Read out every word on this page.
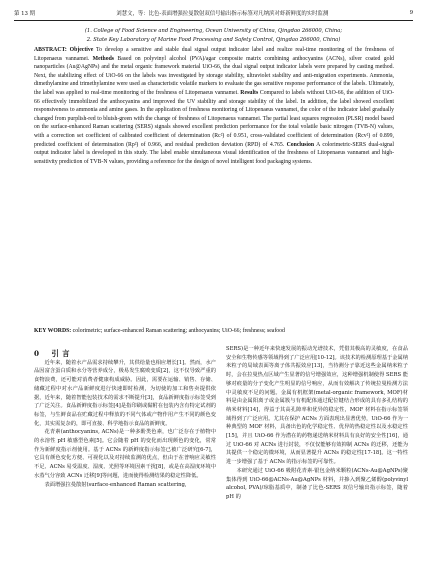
第 13 期	刘慧文，等：比色-表面增强拉曼散射双信号输出指示标签对凡纳滨对虾新鲜度的实时监测	9
(1. College of Food Science and Engineering, Ocean University of China, Qingdao 266000, China;
2. State Key Laboratory of Marine Food Processing and Safety Control, Qingdao 266000, China)

ABSTRACT: Objective To develop a sensitive and stable dual signal output indicator label and realize real-time monitoring of the freshness of Litopenaeus vannamei. Methods Based on polyvinyl alcohol (PVA)/agar composite matrix combining anthocyanins (ACNs), silver coated gold nanoparticles (Au@AgNPs) and the metal organic framework material UiO-66, the dual signal output indicator labels were prepared by casting method. Next, the stabilizing effect of UiO-66 on the labels was investigated by storage stability, ultraviolet stability and anti-migration experiments. Ammonia, dimethylamine and trimethylamine were used as characteristic volatile markers to evaluate the gas sensitive response performance of the labels. Ultimately, the label was applied to real-time monitoring of the freshness of Litopenaeus vannamei. Results Compared to labels without UiO-66, the addition of UiO-66 effectively immobilized the anthocyanins and improved the UV stability and storage stability of the label. In addition, the label showed excellent responsiveness to ammonia and amine gases. In the application of freshness monitoring of Litopenaeus vannamei, the color of the indicator label gradually changed from purplish-red to bluish-green with the change of freshness of Litopenaeus vannamei. The partial least squares regression (PLSR) model based on the surface-enhanced Raman scattering (SERS) signals showed excellent prediction performance for the total volatile basic nitrogen (TVB-N) values, with a correction set coefficient of calibrated coefficient of determination (Rc²) of 0.951, cross-validated coefficient of determination (Rcv²) of 0.899, predicted coefficient of determination (Rp²) of 0.966, and residual prediction deviation (RPD) of 4.765. Conclusion A colorimetric-SERS dual-signal output indicator label is developed in this study. The label enable simultaneous visual identification of the freshness of Litopenaeus vannamei and high-sensitivity prediction of TVB-N values, providing a reference for the design of novel intelligent food packaging systems.

KEY WORDS: colorimetric; surface-enhanced Raman scattering; anthocyanins; UiO-66; freshness; seafood

0 引 言

近年来，随着水产品需求持续攀升，其供给量也相应增长[1]。然而，水产品因富含蛋白质和水分等营养成分，极易发生腐败变质[2]，这不仅导致严重的食物浪费，还可能对消费者健康构成威胁。因此，需要在运输、销售、存储、储藏过程中对水产品新鲜度进行快速即时检测，为切使的加工和售卖提供依据，近年来，随着智能包装技术的需求不断提升[3]，食品新鲜度指示标签受到了广泛关注。食品新鲜度指示标签[4]是指印刷或黏附在包装内含有特定试剂的标签，与生鲜食品在贮藏过程中释放的不同气体或产物作用产生不同的颜色变化，其实需复杂的，即可直接、科学地指示食品的新鲜度。

花青素(anthocyanins, ACNs)是一种多酚类色素，也广泛存在于植物中的水溶性 pH 敏感型色素[5]。它会随着 pH 的变化而出现颜色的变化，常常作为新鲜度指示剂使用。基于 ACNs 的新鲜度指示标签已被广泛研究[6-7]，它具有颜色变化方便、可视化以及对持续监测的优点，但由于在普响应灵敏性不足、ACNs 易受温度、湿度、光照等环境因素干扰[8]，或是在高湿度环境中水蒸气分容致 ACNs 迁移[9]等问题，进而使得检测结果的稳定性降低。

表面增强拉曼散射(surface-enhanced Raman scattering,

SERS)是一种近年来快速发展的振动光谱技术，凭借其极高的灵敏度，在食品安全和生物传感等领域得到了广泛应用[10-12]。该技术的检测原理基于金属纳米粒子的局域表面等离子体共振效应[13]，当待测分子靠近这些金属纳米粒子时，会在拉曼热点区域产生显著的信号增强效应，这种增强机制使得 SERS 能够对痕量的分子变化产生明显的信号响应，从而有效解决了传统拉曼检测方法中灵敏度不足的问题。金属有机框架(metal-organic framework, MOF)材料是由金属阳离子或金属簇与有机配体通过配位键结合形成的具有多孔结构的纳米材料[14]，得益于其高孔隙率和优异的稳定性，MOF 材料在指示标签领域得到了广泛应用。尤其在保护 ACNs 方面表现出显著优势，UiO-66 作为一种典型的 MOF 材料，具备出色的化学稳定性、优异的热稳定性以及水稳定性[15]，并且 UiO-66 作为潜在的药物递送纳米材料具有良好的安全性[16]，通过 UiO-66 对 ACNs 进行封装，不仅仅能够有效抑制 ACNs 的迁移，还能为其提供一个稳定的微环境，从而显著提升 ACNs 的稳定性[17-18]。这一特性进一步增强了基于 ACNs 的指示标签的可靠性。

本研究通过 UiO-66 吸附花青素-银包金纳米颗粒(ACNs-Au@AgNPs)聚集体得到 UiO-66@ACNs-Au@AgNPs 材料，并掺入到聚乙烯醇(polyvinyl alcohol, PVA)/琼脂基质中，制备了比色-SERS 双信号输出指示标签，随着 pH 的
